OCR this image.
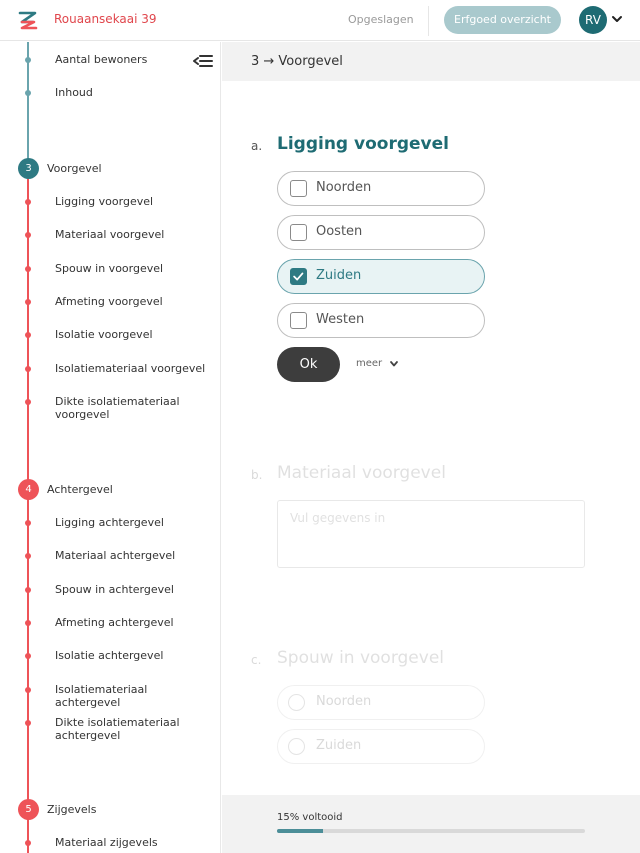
Rouaansekaai 39	Opgeslagen	Erfgoed overzicht	RV
Aantal bewoners
Inhoud
3	Voorgevel
Ligging voorgevel
Materiaal voorgevel
Spouw in voorgevel
Afmeting voorgevel
Isolatie voorgevel
Isolatiemateriaal voorgevel
Dikte isolatiemateriaal voorgevel
4	Achtergevel
Ligging achtergevel
Materiaal achtergevel
Spouw in achtergevel
Afmeting achtergevel
Isolatie achtergevel
Isolatiemateriaal achtergevel
Dikte isolatiemateriaal achtergevel
5	Zijgevels
Materiaal zijgevels
3 → Voorgevel
a. Ligging voorgevel
Noorden
Oosten
Zuiden
Westen
Ok	meer
b. Materiaal voorgevel
Vul gegevens in
c. Spouw in voorgevel
Noorden
Zuiden
15% voltooid
